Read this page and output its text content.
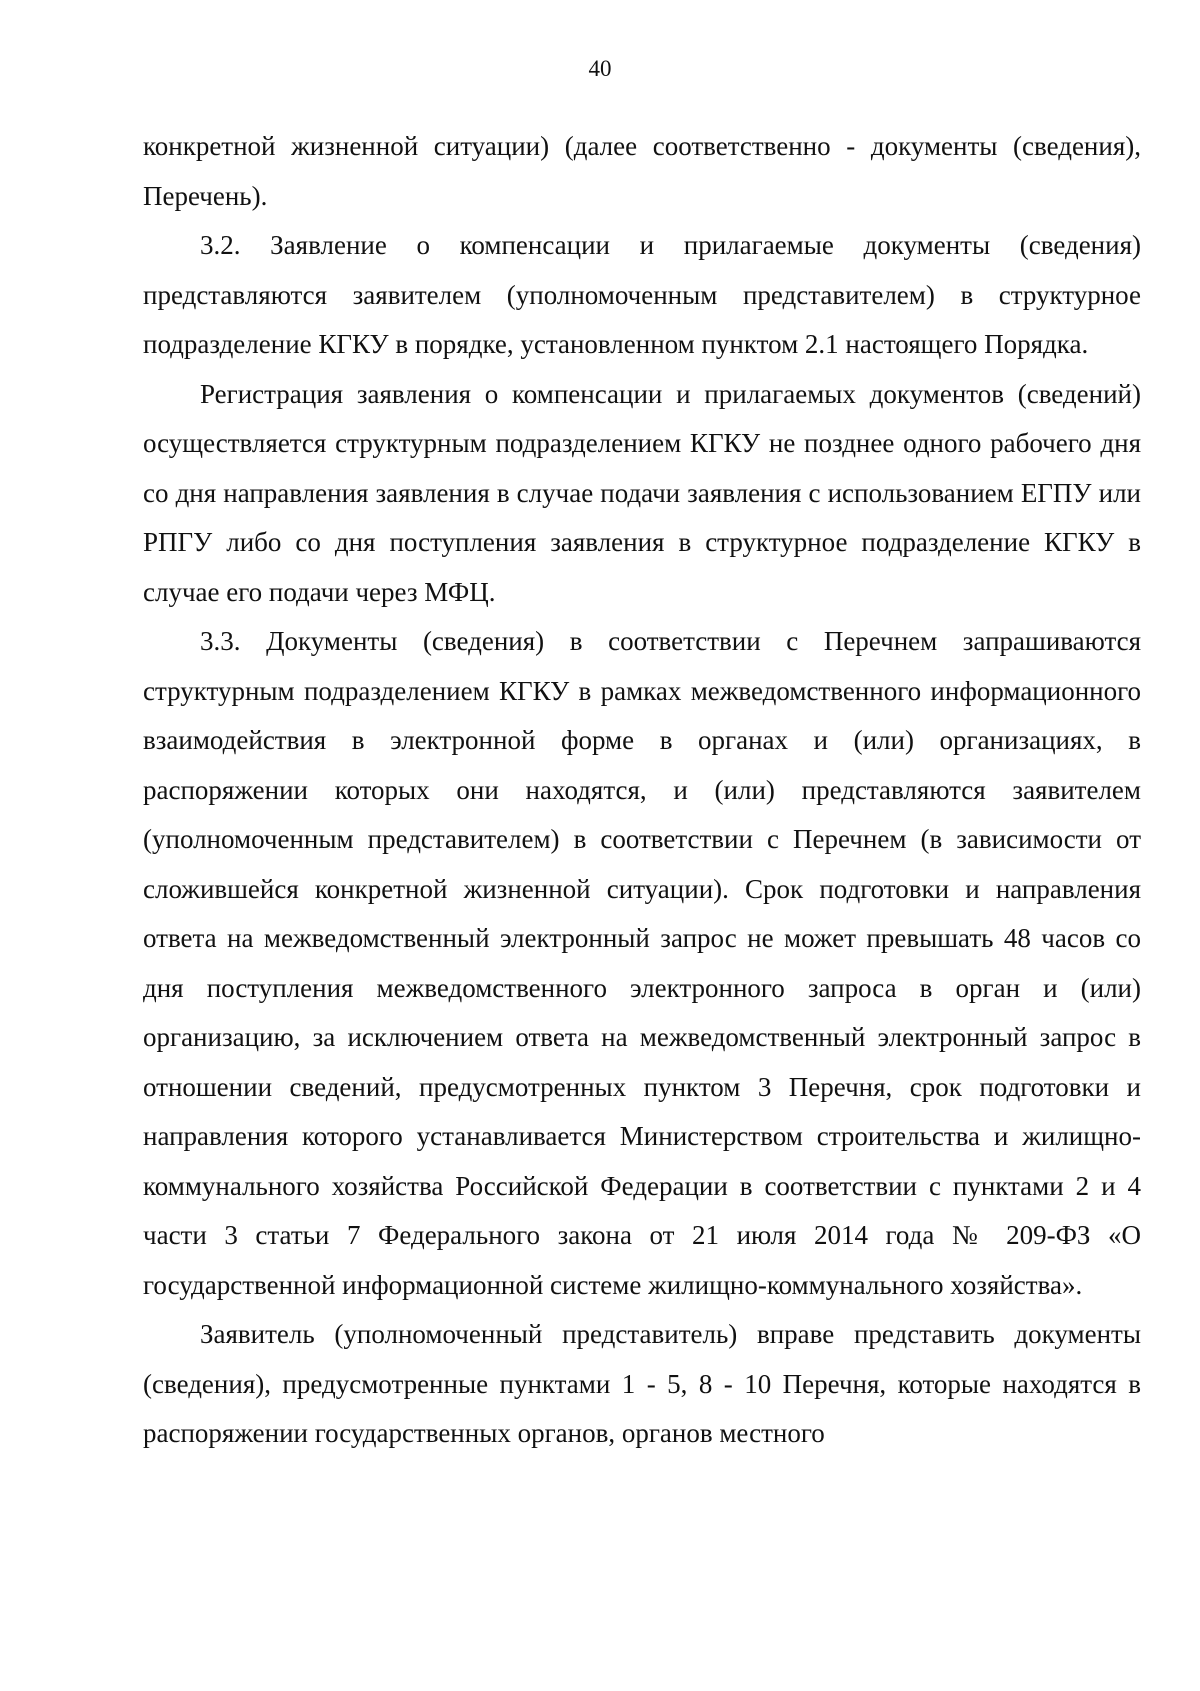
40

конкретной жизненной ситуации) (далее соответственно - документы (сведения), Перечень).

3.2. Заявление о компенсации и прилагаемые документы (сведения) представляются заявителем (уполномоченным представителем) в структурное подразделение КГКУ в порядке, установленном пунктом 2.1 настоящего Порядка.

Регистрация заявления о компенсации и прилагаемых документов (сведений) осуществляется структурным подразделением КГКУ не позднее одного рабочего дня со дня направления заявления в случае подачи заявления с использованием ЕГПУ или РПГУ либо со дня поступления заявления в структурное подразделение КГКУ в случае его подачи через МФЦ.

3.3. Документы (сведения) в соответствии с Перечнем запрашиваются структурным подразделением КГКУ в рамках межведомственного информационного взаимодействия в электронной форме в органах и (или) организациях, в распоряжении которых они находятся, и (или) представляются заявителем (уполномоченным представителем) в соответствии с Перечнем (в зависимости от сложившейся конкретной жизненной ситуации). Срок подготовки и направления ответа на межведомственный электронный запрос не может превышать 48 часов со дня поступления межведомственного электронного запроса в орган и (или) организацию, за исключением ответа на межведомственный электронный запрос в отношении сведений, предусмотренных пунктом 3 Перечня, срок подготовки и направления которого устанавливается Министерством строительства и жилищно-коммунального хозяйства Российской Федерации в соответствии с пунктами 2 и 4 части 3 статьи 7 Федерального закона от 21 июля 2014 года № 209-ФЗ «О государственной информационной системе жилищно-коммунального хозяйства».

Заявитель (уполномоченный представитель) вправе представить документы (сведения), предусмотренные пунктами 1 - 5, 8 - 10 Перечня, которые находятся в распоряжении государственных органов, органов местного
